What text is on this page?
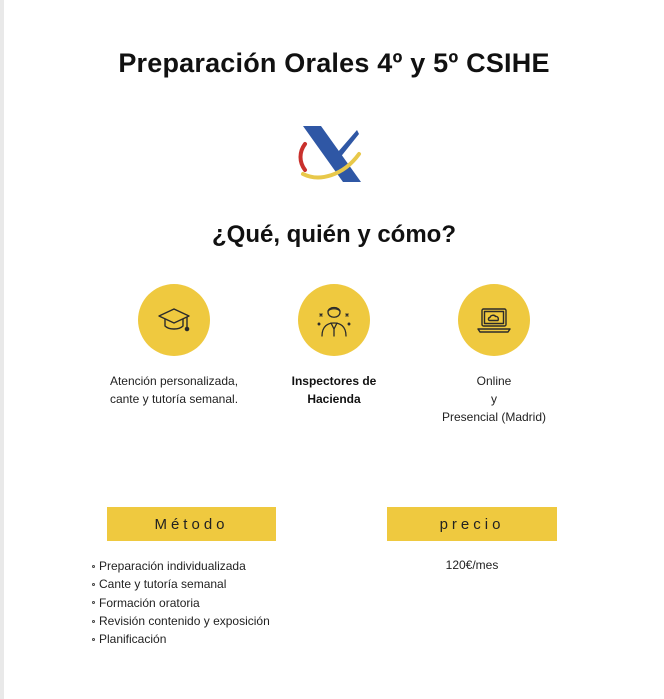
Preparación Orales 4º y 5º CSIHE
¿Qué, quién y cómo?
Atención personalizada,
cante y tutoría semanal.
Inspectores de
Hacienda
Online
y
Presencial (Madrid)
Método	precio
Preparación individualizada
Cante y tutoría semanal
Formación oratoria
Revisión contenido y exposición
Planificación
120€/mes
